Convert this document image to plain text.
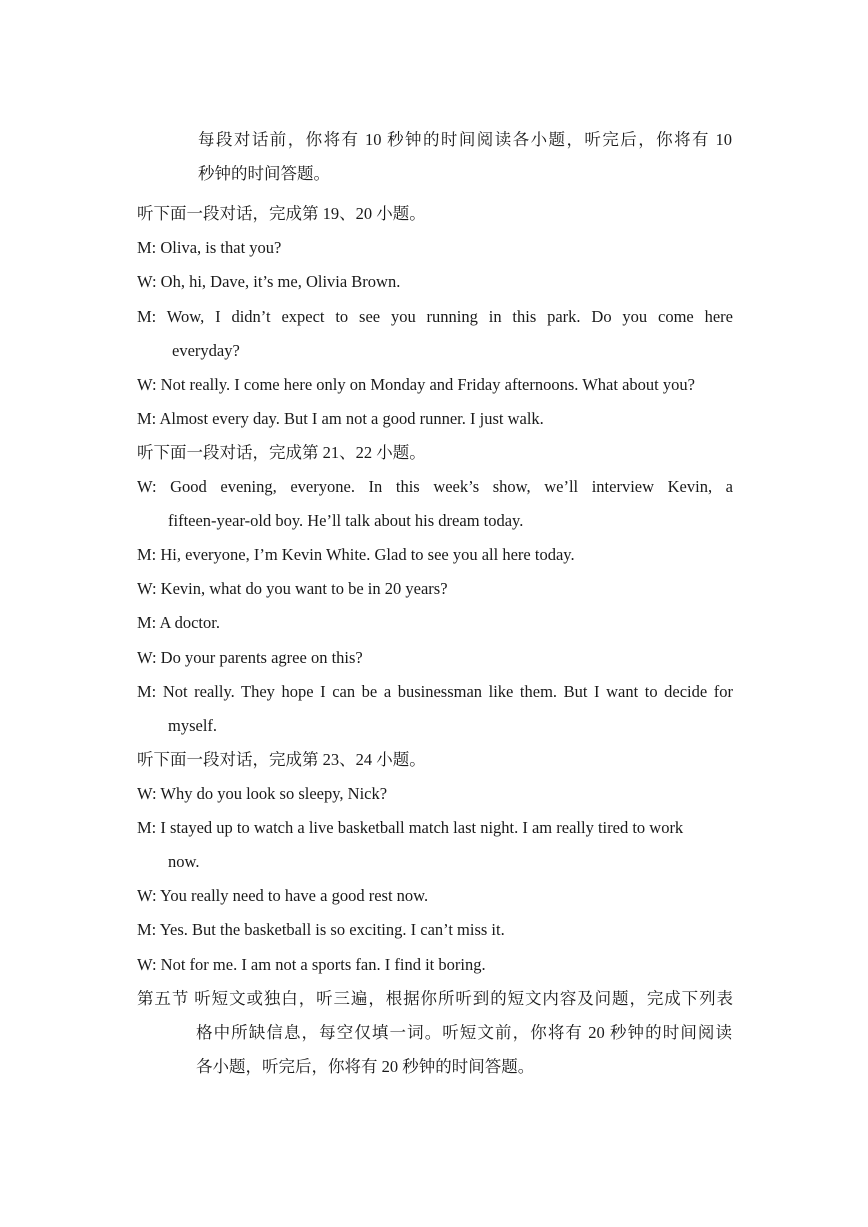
每段对话前，你将有 10 秒钟的时间阅读各小题，听完后，你将有 10
秒钟的时间答题。
听下面一段对话，完成第 19、20 小题。
M: Oliva, is that you?
W: Oh, hi, Dave, it’s me, Olivia Brown.
M: Wow, I didn’t expect to see you running in this park. Do you come here
everyday?
W: Not really. I come here only on Monday and Friday afternoons. What about you?
M: Almost every day. But I am not a good runner. I just walk.
听下面一段对话，完成第 21、22 小题。
W: Good evening, everyone. In this week’s show, we’ll interview Kevin, a
fifteen-year-old boy. He’ll talk about his dream today.
M: Hi, everyone, I’m Kevin White. Glad to see you all here today.
W: Kevin, what do you want to be in 20 years?
M: A doctor.
W: Do your parents agree on this?
M: Not really. They hope I can be a businessman like them. But I want to decide for
myself.
听下面一段对话，完成第 23、24 小题。
W: Why do you look so sleepy, Nick?
M: I stayed up to watch a live basketball match last night. I am really tired to work
now.
W: You really need to have a good rest now.
M: Yes. But the basketball is so exciting. I can’t miss it.
W: Not for me. I am not a sports fan. I find it boring.
第五节 听短文或独白，听三遍，根据你所听到的短文内容及问题，完成下列表
格中所缺信息，每空仅填一词。听短文前，你将有 20 秒钟的时间阅读
各小题，听完后，你将有 20 秒钟的时间答题。
